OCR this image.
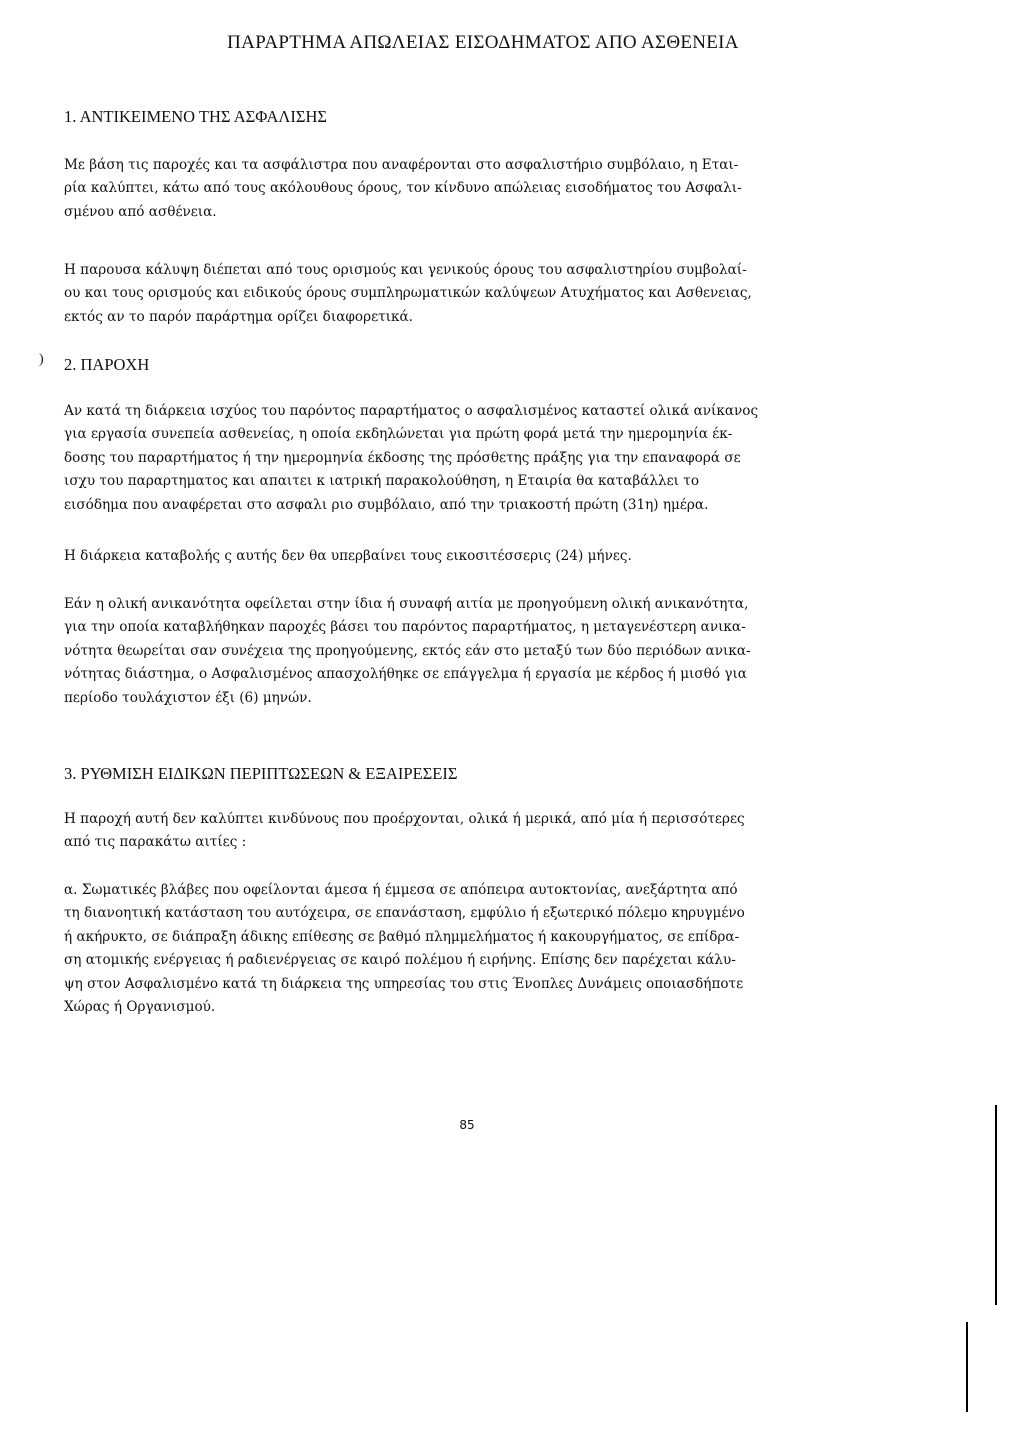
ΠΑΡΑΡΤΗΜΑ ΑΠΩΛΕΙΑΣ ΕΙΣΟΔΗΜΑΤΟΣ ΑΠΟ ΑΣΘΕΝΕΙΑ
1. ΑΝΤΙΚΕΙΜΕΝΟ ΤΗΣ ΑΣΦΑΛΙΣΗΣ
Με βάση τις παροχές και τα ασφάλιστρα που αναφέρονται στο ασφαλιστήριο συμβόλαιο, η Εται-
ρία καλύπτει, κάτω από τους ακόλουθους όρους, τον κίνδυνο απώλειας εισοδήματος του Ασφαλι-
σμένου από ασθένεια.
Η παρουσα κάλυψη διέπεται από τους ορισμούς και γενικούς όρους του ασφαλιστηρίου συμβολαί-
ου και τους ορισμούς και ειδικούς όρους συμπληρωματικών καλύψεων Ατυχήματος και Ασθενειας,
εκτός αν το παρόν παράρτημα ορίζει διαφορετικά.
) 2. ΠΑΡΟΧΗ
Αν κατά τη διάρκεια ισχύος του παρόντος παραρτήματος ο ασφαλισμένος καταστεί ολικά ανίκανος
για εργασία συνεπεία ασθενείας, η οποία εκδηλώνεται για πρώτη φορά μετά την ημερομηνία έκ-
δοσης του παραρτήματος ή την ημερομηνία έκδοσης της πρόσθετης πράξης για την επαναφορά σε
ισχυ του παραρτηματος και απαιτει κ ιατρική παρακολούθηση, η Εταιρία θα καταβάλλει το
εισόδημα που αναφέρεται στο ασφαλι ριο συμβόλαιο, από την τριακοστή πρώτη (31η) ημέρα.
Η διάρκεια καταβολής ς αυτής δεν θα υπερβαίνει τους εικοσιτέσσερις (24) μήνες.
Εάν η ολική ανικανότητα οφείλεται στην ίδια ή συναφή αιτία με προηγούμενη ολική ανικανότητα,
για την οποία καταβλήθηκαν παροχές βάσει του παρόντος παραρτήματος, η μεταγενέστερη ανικα-
νότητα θεωρείται σαν συνέχεια της προηγούμενης, εκτός εάν στο μεταξύ των δύο περιόδων ανικα-
νότητας διάστημα, ο Ασφαλισμένος απασχολήθηκε σε επάγγελμα ή εργασία με κέρδος ή μισθό για
περίοδο τουλάχιστον έξι (6) μηνών.
3. ΡΥΘΜΙΣΗ ΕΙΔΙΚΩΝ ΠΕΡΙΠΤΩΣΕΩΝ & ΕΞΑΙΡΕΣΕΙΣ
Η παροχή αυτή δεν καλύπτει κινδύνους που προέρχονται, ολικά ή μερικά, από μία ή περισσότερες
από τις παρακάτω αιτίες :
α. Σωματικές βλάβες που οφείλονται άμεσα ή έμμεσα σε απόπειρα αυτοκτονίας, ανεξάρτητα από
τη διανοητική κατάσταση του αυτόχειρα, σε επανάσταση, εμφύλιο ή εξωτερικό πόλεμο κηρυγμένο
ή ακήρυκτο, σε διάπραξη άδικης επίθεσης σε βαθμό πλημμελήματος ή κακουργήματος, σε επίδρα-
ση ατομικής ενέργειας ή ραδιενέργειας σε καιρό πολέμου ή ειρήνης. Επίσης δεν παρέχεται κάλυ-
ψη στον Ασφαλισμένο κατά τη διάρκεια της υπηρεσίας του στις Ένοπλες Δυνάμεις οποιασδήποτε
Χώρας ή Οργανισμού.
85
